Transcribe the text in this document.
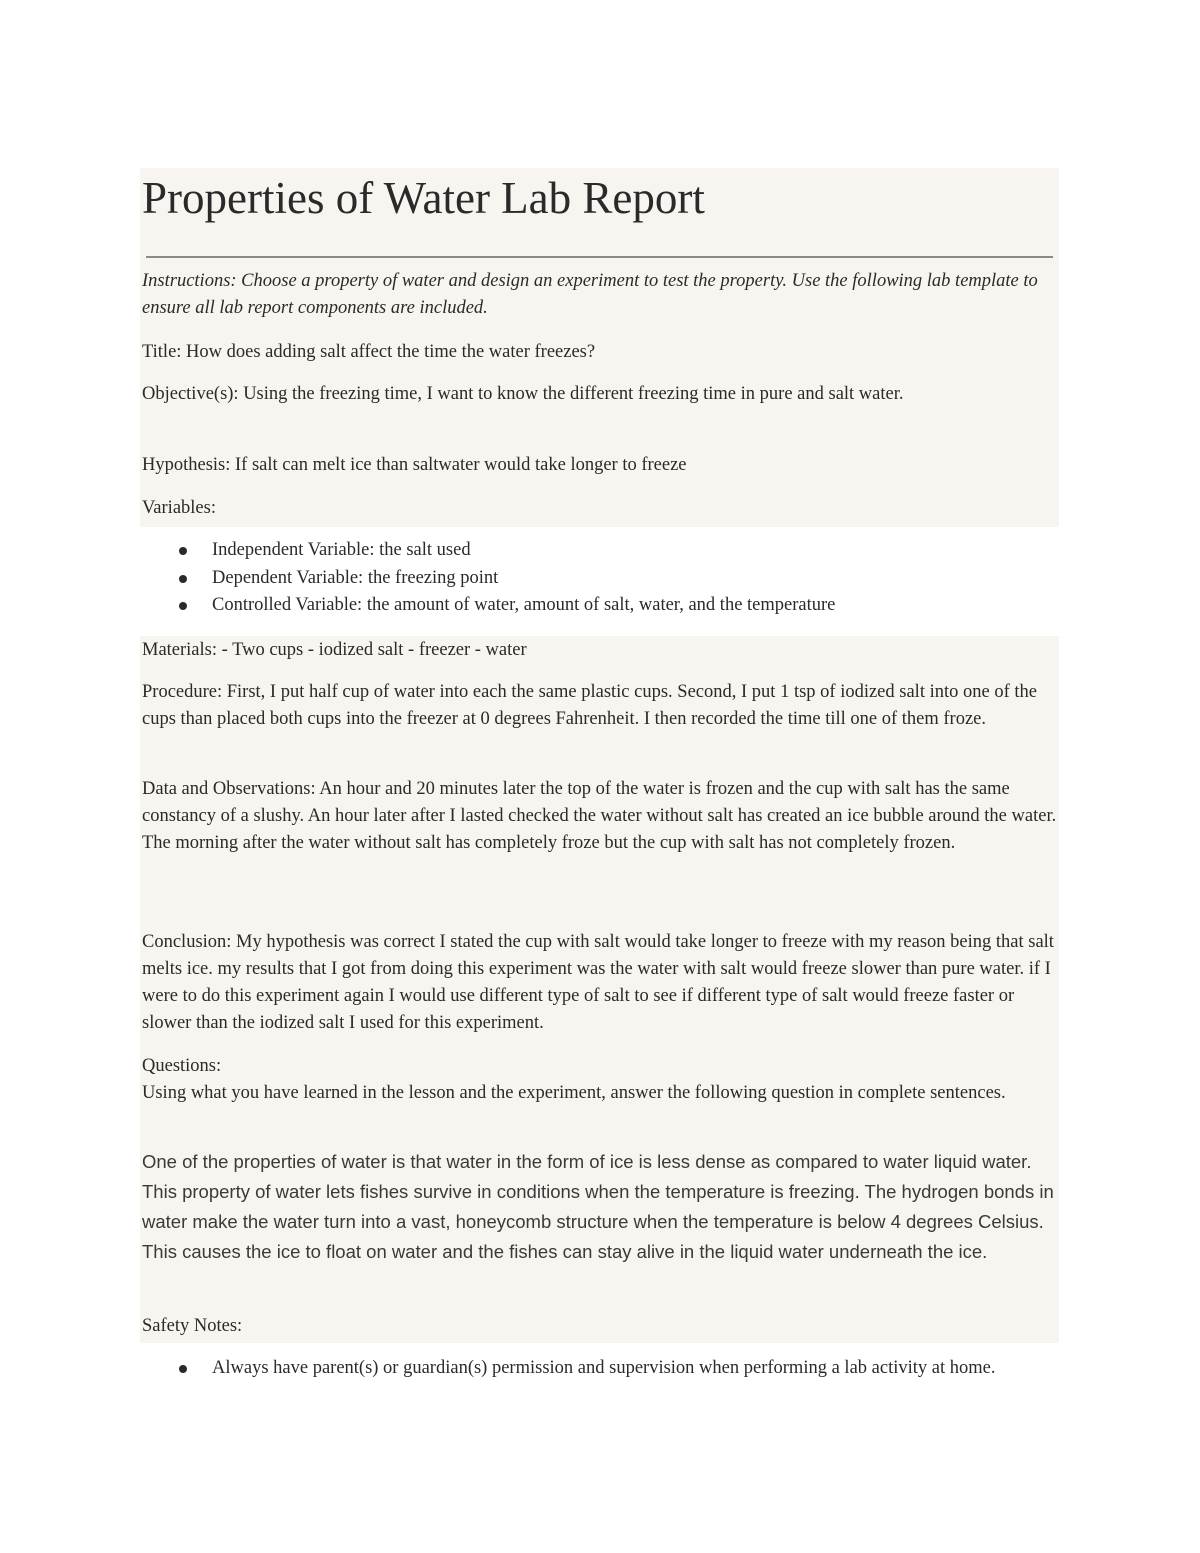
Properties of Water Lab Report

Instructions: Choose a property of water and design an experiment to test the property. Use the following lab template to ensure all lab report components are included.

Title: How does adding salt affect the time the water freezes?

Objective(s): Using the freezing time, I want to know the different freezing time in pure and salt water.

Hypothesis: If salt can melt ice than saltwater would take longer to freeze

Variables:

Independent Variable: the salt used
Dependent Variable: the freezing point
Controlled Variable: the amount of water, amount of salt, water, and the temperature

Materials: - Two cups - iodized salt - freezer - water

Procedure: First, I put half cup of water into each the same plastic cups. Second, I put 1 tsp of iodized salt into one of the cups than placed both cups into the freezer at 0 degrees Fahrenheit. I then recorded the time till one of them froze.

Data and Observations: An hour and 20 minutes later the top of the water is frozen and the cup with salt has the same constancy of a slushy. An hour later after I lasted checked the water without salt has created an ice bubble around the water. The morning after the water without salt has completely froze but the cup with salt has not completely frozen.

Conclusion: My hypothesis was correct I stated the cup with salt would take longer to freeze with my reason being that salt melts ice. my results that I got from doing this experiment was the water with salt would freeze slower than pure water. if I were to do this experiment again I would use different type of salt to see if different type of salt would freeze faster or slower than the iodized salt I used for this experiment.

Questions:

Using what you have learned in the lesson and the experiment, answer the following question in complete sentences.

One of the properties of water is that water in the form of ice is less dense as compared to water liquid water. This property of water lets fishes survive in conditions when the temperature is freezing. The hydrogen bonds in water make the water turn into a vast, honeycomb structure when the temperature is below 4 degrees Celsius. This causes the ice to float on water and the fishes can stay alive in the liquid water underneath the ice.

Safety Notes:

Always have parent(s) or guardian(s) permission and supervision when performing a lab activity at home.
